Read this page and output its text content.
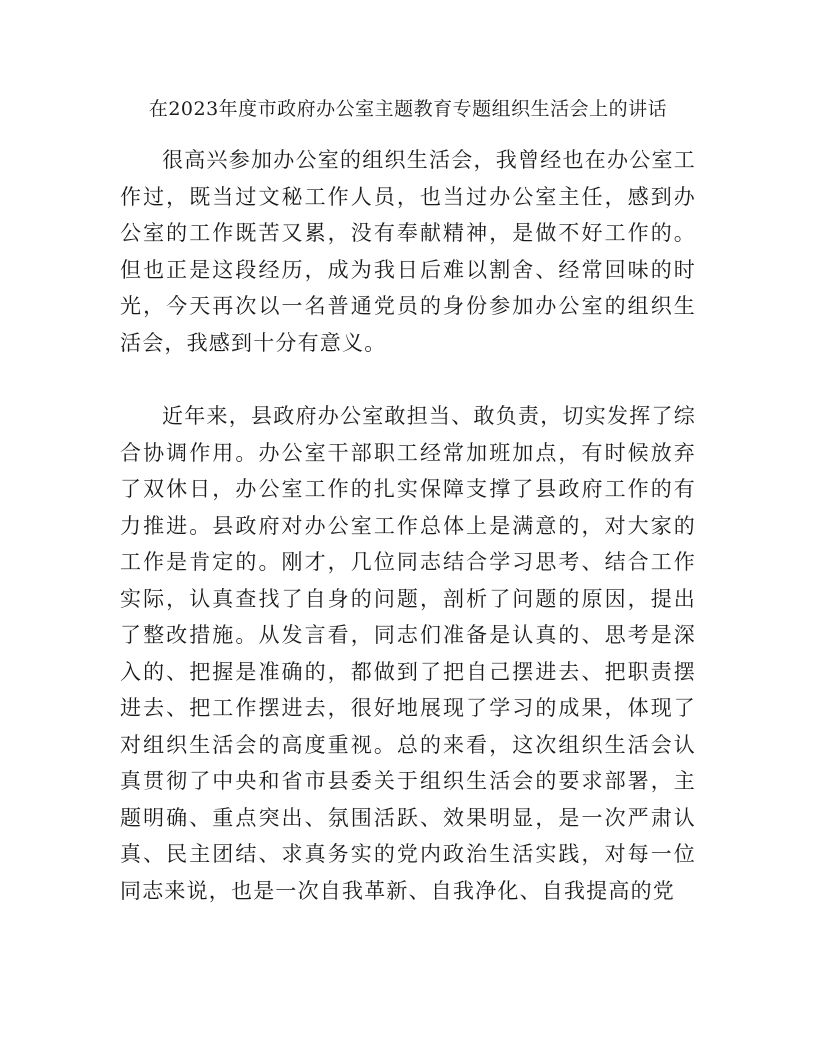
在2023年度市政府办公室主题教育专题组织生活会上的讲话

很高兴参加办公室的组织生活会，我曾经也在办公室工作过，既当过文秘工作人员，也当过办公室主任，感到办公室的工作既苦又累，没有奉献精神，是做不好工作的。但也正是这段经历，成为我日后难以割舍、经常回味的时光，今天再次以一名普通党员的身份参加办公室的组织生活会，我感到十分有意义。

近年来，县政府办公室敢担当、敢负责，切实发挥了综合协调作用。办公室干部职工经常加班加点，有时候放弃了双休日，办公室工作的扎实保障支撑了县政府工作的有力推进。县政府对办公室工作总体上是满意的，对大家的工作是肯定的。刚才，几位同志结合学习思考、结合工作实际，认真查找了自身的问题，剖析了问题的原因，提出了整改措施。从发言看，同志们准备是认真的、思考是深入的、把握是准确的，都做到了把自己摆进去、把职责摆进去、把工作摆进去，很好地展现了学习的成果，体现了对组织生活会的高度重视。总的来看，这次组织生活会认真贯彻了中央和省市县委关于组织生活会的要求部署，主题明确、重点突出、氛围活跃、效果明显，是一次严肃认真、民主团结、求真务实的党内政治生活实践，对每一位同志来说，也是一次自我革新、自我净化、自我提高的党
